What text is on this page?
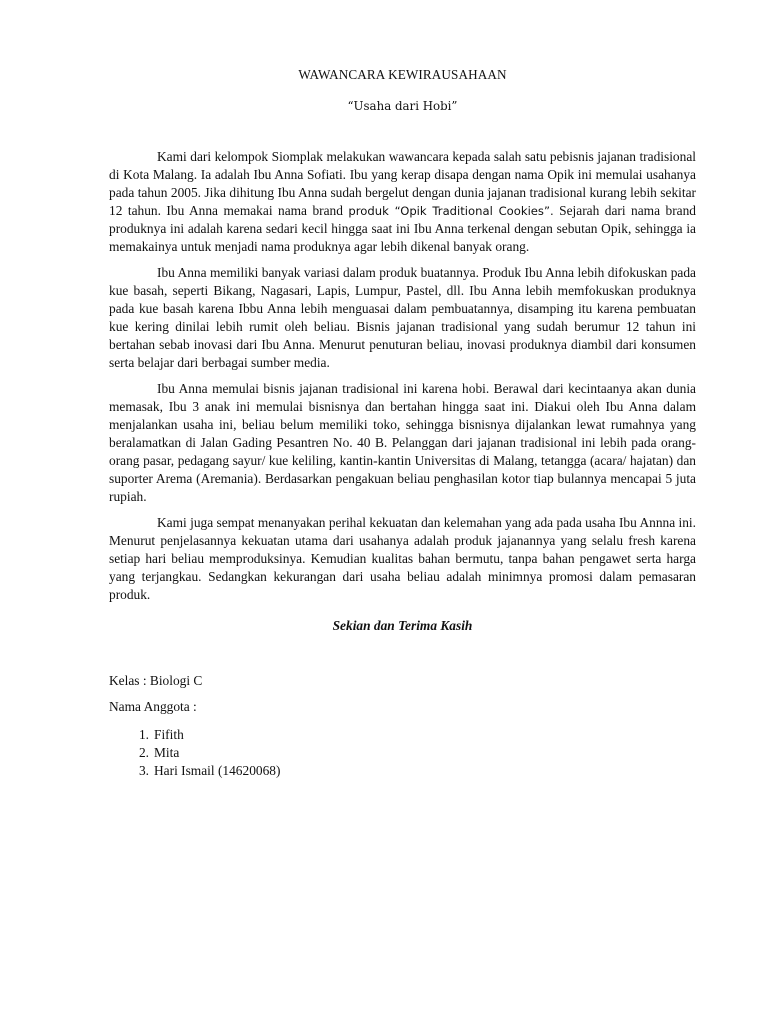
WAWANCARA KEWIRAUSAHAAN

“Usaha dari Hobi”

Kami dari kelompok Siomplak melakukan wawancara kepada salah satu pebisnis jajanan tradisional di Kota Malang. Ia adalah Ibu Anna Sofiati. Ibu yang kerap disapa dengan nama Opik ini memulai usahanya pada tahun 2005. Jika dihitung Ibu Anna sudah bergelut dengan dunia jajanan tradisional kurang lebih sekitar 12 tahun. Ibu Anna memakai nama brand produk “Opik Traditional Cookies”. Sejarah dari nama brand produknya ini adalah karena sedari kecil hingga saat ini Ibu Anna terkenal dengan sebutan Opik, sehingga ia memakainya untuk menjadi nama produknya agar lebih dikenal banyak orang.

Ibu Anna memiliki banyak variasi dalam produk buatannya. Produk Ibu Anna lebih difokuskan pada kue basah, seperti Bikang, Nagasari, Lapis, Lumpur, Pastel, dll. Ibu Anna lebih memfokuskan produknya pada kue basah karena Ibbu Anna lebih menguasai dalam pembuatannya, disamping itu karena pembuatan kue kering dinilai lebih rumit oleh beliau. Bisnis jajanan tradisional yang sudah berumur 12 tahun ini bertahan sebab inovasi dari Ibu Anna. Menurut penuturan beliau, inovasi produknya diambil dari konsumen serta belajar dari berbagai sumber media.

Ibu Anna memulai bisnis jajanan tradisional ini karena hobi. Berawal dari kecintaanya akan dunia memasak, Ibu 3 anak ini memulai bisnisnya dan bertahan hingga saat ini. Diakui oleh Ibu Anna dalam menjalankan usaha ini, beliau belum memiliki toko, sehingga bisnisnya dijalankan lewat rumahnya yang beralamatkan di Jalan Gading Pesantren No. 40 B. Pelanggan dari jajanan tradisional ini lebih pada orang-orang pasar, pedagang sayur/ kue keliling, kantin-kantin Universitas di Malang, tetangga (acara/ hajatan) dan suporter Arema (Aremania). Berdasarkan pengakuan beliau penghasilan kotor tiap bulannya mencapai 5 juta rupiah.

Kami juga sempat menanyakan perihal kekuatan dan kelemahan yang ada pada usaha Ibu Annna ini. Menurut penjelasannya kekuatan utama dari usahanya adalah produk jajanannya yang selalu fresh karena setiap hari beliau memproduksinya. Kemudian kualitas bahan bermutu, tanpa bahan pengawet serta harga yang terjangkau. Sedangkan kekurangan dari usaha beliau adalah minimnya promosi dalam pemasaran produk.

Sekian dan Terima Kasih

Kelas : Biologi C

Nama Anggota :

1. Fifith
2. Mita
3. Hari Ismail (14620068)
